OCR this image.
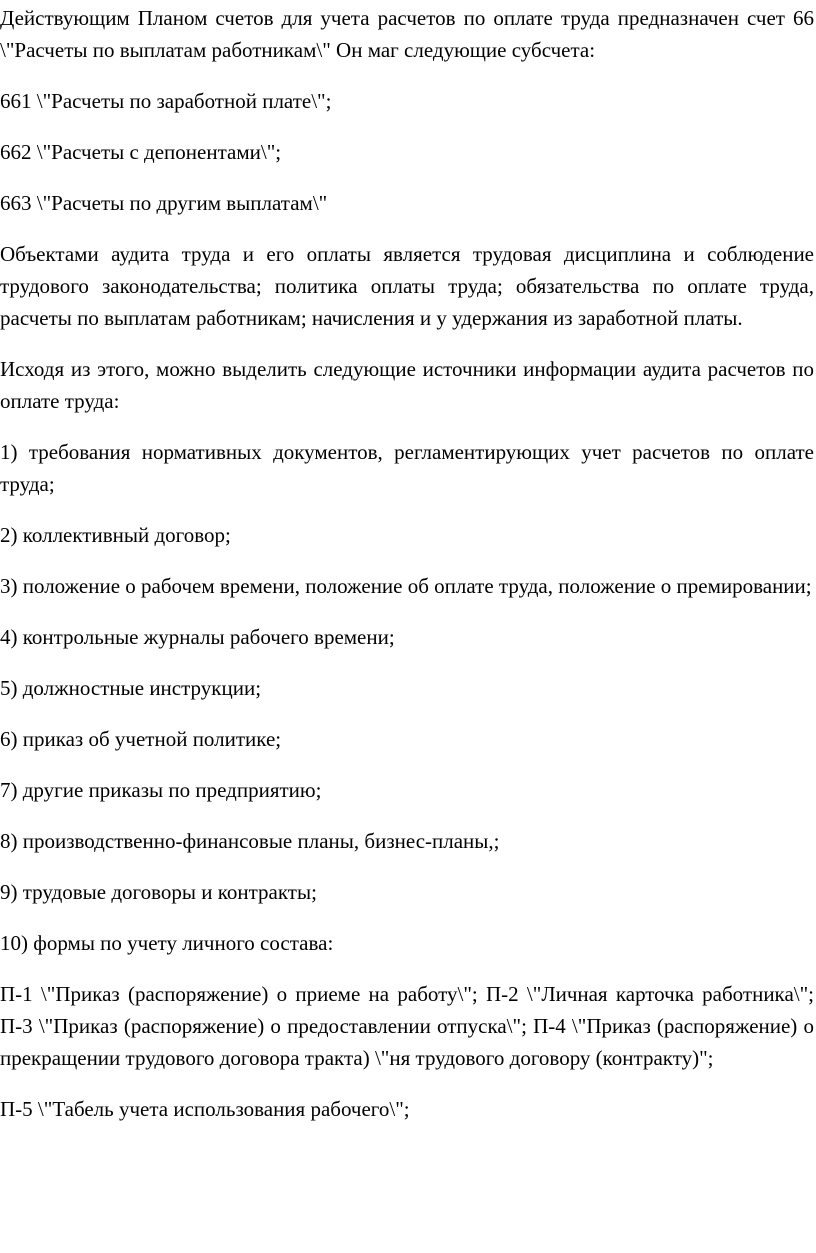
Действующим Планом счетов для учета расчетов по оплате труда предназначен счет 66 \"Расчеты по выплатам работникам\" Он маг следующие субсчета:

661 \"Расчеты по заработной плате\";

662 \"Расчеты с депонентами\";

663 \"Расчеты по другим выплатам\"

Объектами аудита труда и его оплаты является трудовая дисциплина и соблюдение трудового законодательства; политика оплаты труда; обязательства по оплате труда, расчеты по выплатам работникам; начисления и у удержания из заработной платы.

Исходя из этого, можно выделить следующие источники информации аудита расчетов по оплате труда:

1) требования нормативных документов, регламентирующих учет расчетов по оплате труда;

2) коллективный договор;

3) положение о рабочем времени, положение об оплате труда, положение о премировании;

4) контрольные журналы рабочего времени;

5) должностные инструкции;

6) приказ об учетной политике;

7) другие приказы по предприятию;

8) производственно-финансовые планы, бизнес-планы,;

9) трудовые договоры и контракты;

10) формы по учету личного состава:

П-1 \"Приказ (распоряжение) о приеме на работу\"; П-2 \"Личная карточка работника\"; П-3 \"Приказ (распоряжение) о предоставлении отпуска\"; П-4 \"Приказ (распоряжение) о прекращении трудового договора тракта) \"ня трудового договору (контракту)";

П-5 \"Табель учета использования рабочего\";
